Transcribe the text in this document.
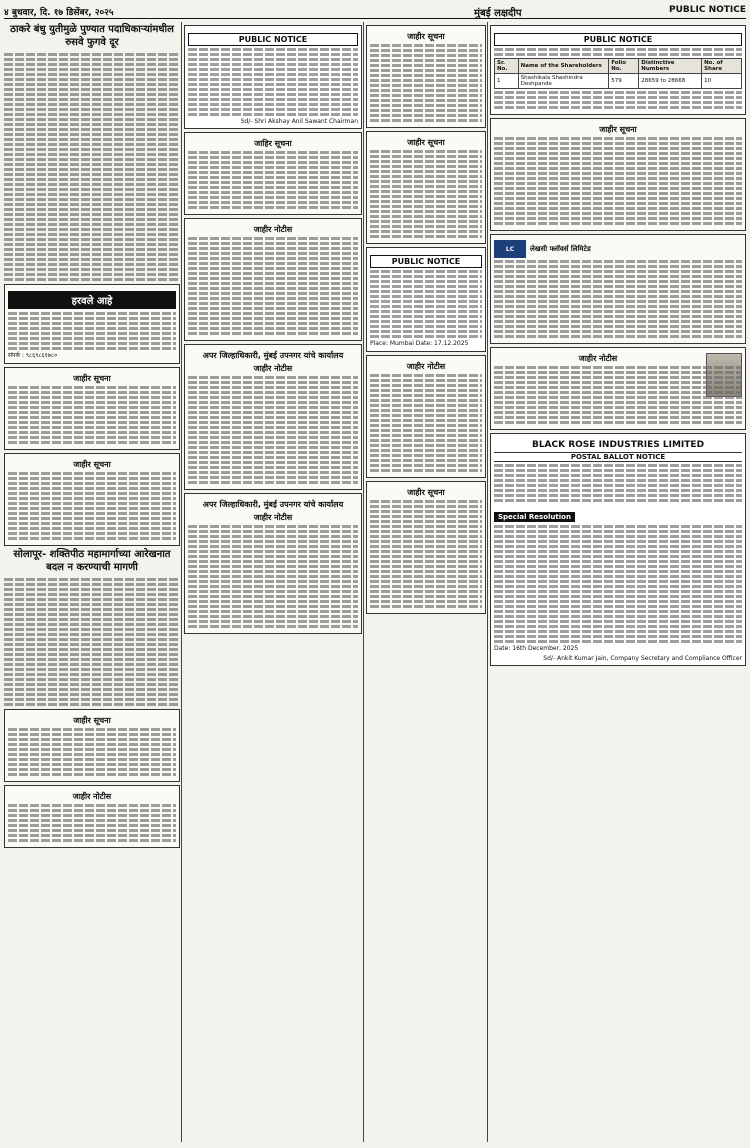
४ बुधवार, दि. १७ डिसेंबर, २०२५	मुंबई लक्षदीप	PUBLIC NOTICE
ठाकरे बंधु युतीमुळे पुण्यात पदाधिकाऱ्यांमधील रुसवे फुगवे दूर
हरवले आहे
संपर्क : ९८६९८६१७८०
जाहीर सूचना
जाहीर सूचना
सोलापूर- शक्तिपीठ महामार्गाच्या आरेखनात बदल न करण्याची मागणी
जाहीर सूचना
जाहीर नोटीस
PUBLIC NOTICE
Sd/- Shri Akshay Anil Sawant Chairman
जाहिर सूचना
जाहीर नोटीस
अपर जिल्हाधिकारी, मुंबई उपनगर यांचे कार्यालय
जाहीर नोटीस
अपर जिल्हाधिकारी, मुंबई उपनगर यांचे कार्यालय
जाहीर नोटीस
जाहीर सूचना
जाहीर सूचना
PUBLIC NOTICE
Place: Mumbai Date: 17.12.2025
जाहीर नोटीस
जाहीर सूचना
PUBLIC NOTICE
Sr. No.	Name of the Shareholders	Folio No.	Distinctive Numbers	No. of Share
1	Shashikala Shashindra Deshpande	579	28659 to 28668	10
जाहीर सूचना
LC	लेखसी फ्लॉवर्स लिमिटेड
जाहीर नोटीस
BLACK ROSE INDUSTRIES LIMITED
POSTAL BALLOT NOTICE
Special Resolution
Date: 16th December, 2025
Sd/- Ankit Kumar Jain, Company Secretary and Compliance Officer
